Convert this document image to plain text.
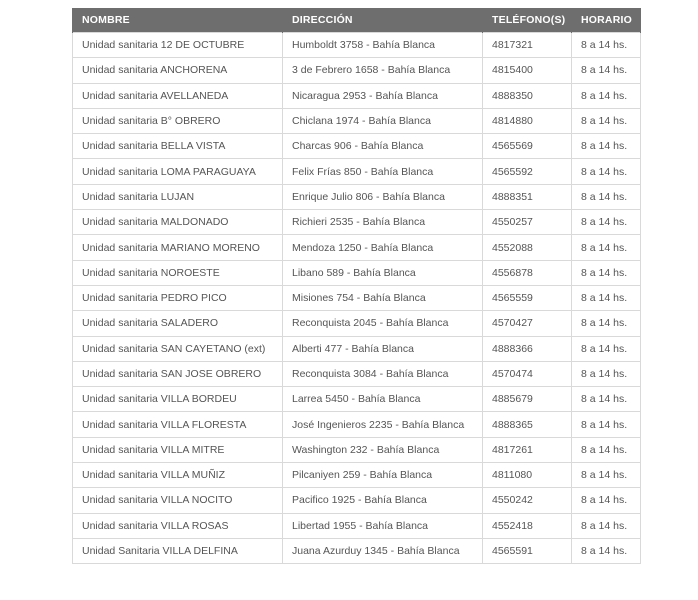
NOMBRE	DIRECCIÓN	TELÉFONO(S)	HORARIO
Unidad sanitaria 12 DE OCTUBRE	Humboldt 3758 - Bahía Blanca	4817321	8 a 14 hs.
Unidad sanitaria ANCHORENA	3 de Febrero 1658 - Bahía Blanca	4815400	8 a 14 hs.
Unidad sanitaria AVELLANEDA	Nicaragua 2953 - Bahía Blanca	4888350	8 a 14 hs.
Unidad sanitaria B° OBRERO	Chiclana 1974 - Bahía Blanca	4814880	8 a 14 hs.
Unidad sanitaria BELLA VISTA	Charcas 906 - Bahía Blanca	4565569	8 a 14 hs.
Unidad sanitaria LOMA PARAGUAYA	Felix Frías 850 - Bahía Blanca	4565592	8 a 14 hs.
Unidad sanitaria LUJAN	Enrique Julio 806 - Bahía Blanca	4888351	8 a 14 hs.
Unidad sanitaria MALDONADO	Richieri 2535 - Bahía Blanca	4550257	8 a 14 hs.
Unidad sanitaria MARIANO MORENO	Mendoza 1250 - Bahía Blanca	4552088	8 a 14 hs.
Unidad sanitaria NOROESTE	Libano 589 - Bahía Blanca	4556878	8 a 14 hs.
Unidad sanitaria PEDRO PICO	Misiones 754 - Bahía Blanca	4565559	8 a 14 hs.
Unidad sanitaria SALADERO	Reconquista 2045 - Bahía Blanca	4570427	8 a 14 hs.
Unidad sanitaria SAN CAYETANO (ext)	Alberti 477 - Bahía Blanca	4888366	8 a 14 hs.
Unidad sanitaria SAN JOSE OBRERO	Reconquista 3084 - Bahía Blanca	4570474	8 a 14 hs.
Unidad sanitaria VILLA BORDEU	Larrea 5450 - Bahía Blanca	4885679	8 a 14 hs.
Unidad sanitaria VILLA FLORESTA	José Ingenieros 2235 - Bahía Blanca	4888365	8 a 14 hs.
Unidad sanitaria VILLA MITRE	Washington 232 - Bahía Blanca	4817261	8 a 14 hs.
Unidad sanitaria VILLA MUÑIZ	Pilcaniyen 259 - Bahía Blanca	4811080	8 a 14 hs.
Unidad sanitaria VILLA NOCITO	Pacifico 1925 - Bahía Blanca	4550242	8 a 14 hs.
Unidad sanitaria VILLA ROSAS	Libertad 1955 - Bahía Blanca	4552418	8 a 14 hs.
Unidad Sanitaria VILLA DELFINA	Juana Azurduy 1345 - Bahía Blanca	4565591	8 a 14 hs.
